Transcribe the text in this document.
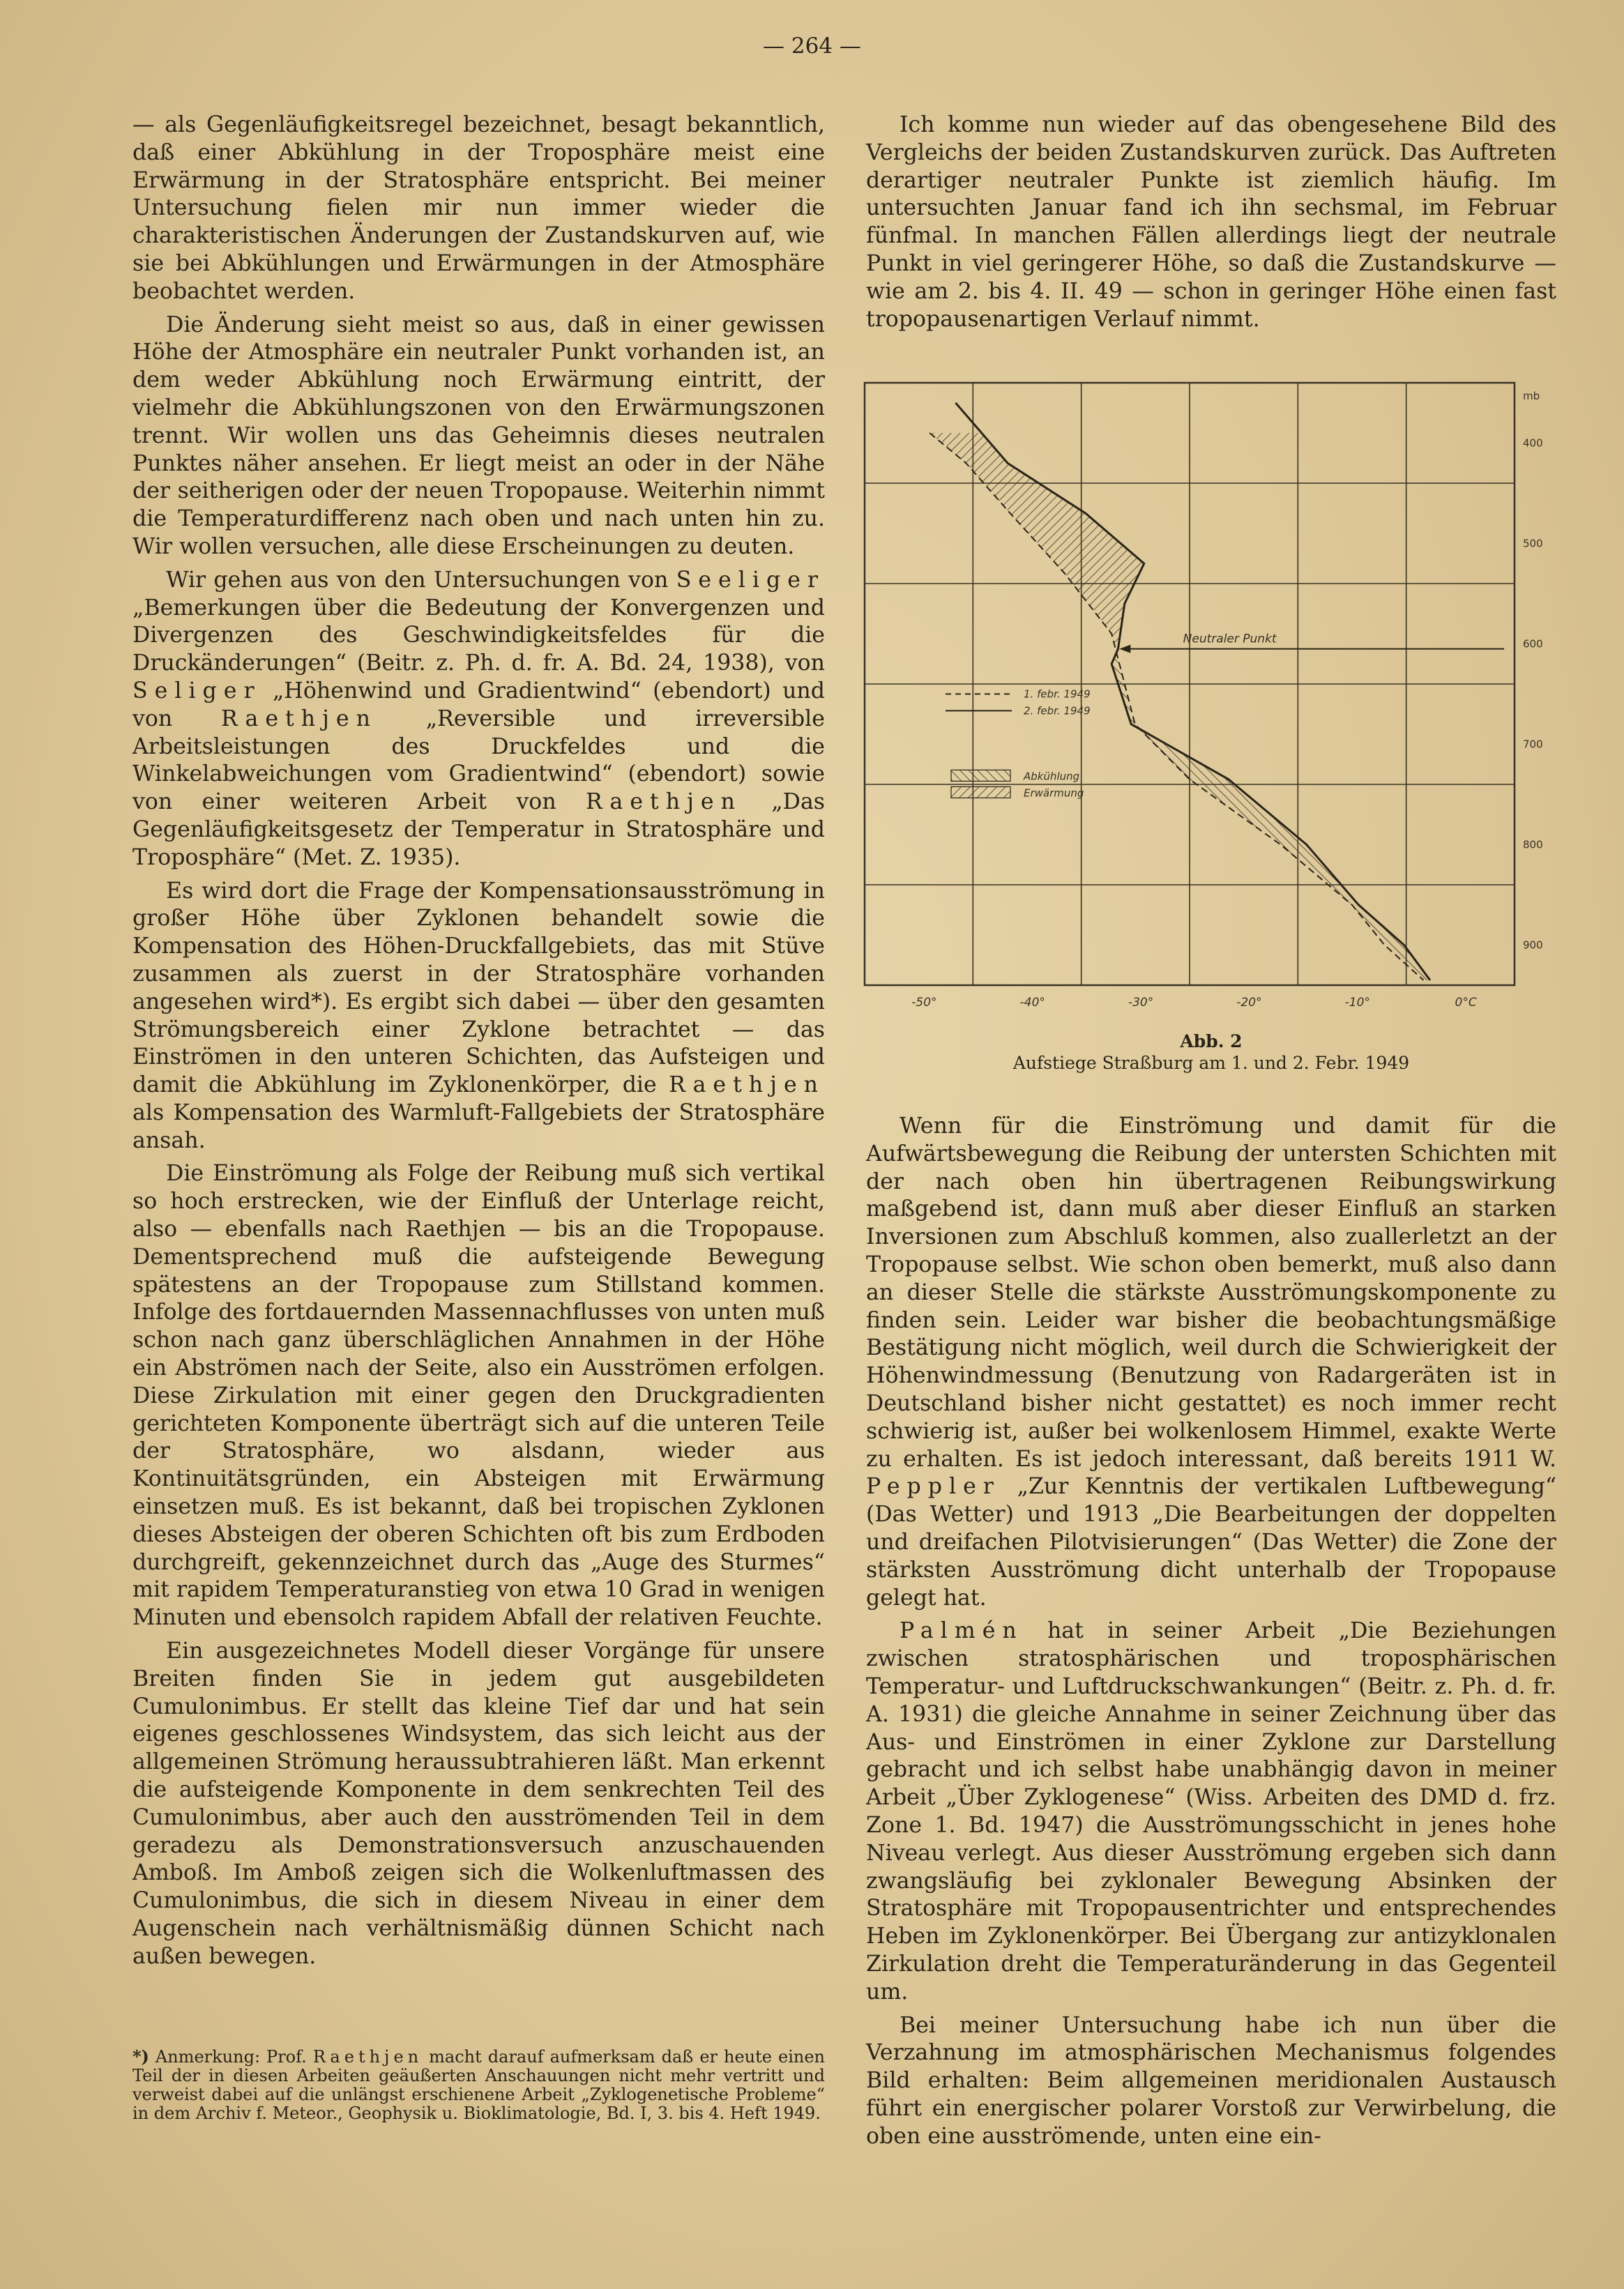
— 264 —

— als Gegenläufigkeitsregel bezeichnet, besagt bekanntlich, daß einer Abkühlung in der Troposphäre meist eine Erwärmung in der Stratosphäre entspricht. Bei meiner Untersuchung fielen mir nun immer wieder die charakteristischen Änderungen der Zustandskurven auf, wie sie bei Abkühlungen und Erwärmungen in der Atmosphäre beobachtet werden.

Die Änderung sieht meist so aus, daß in einer gewissen Höhe der Atmosphäre ein neutraler Punkt vorhanden ist, an dem weder Abkühlung noch Erwärmung eintritt, der vielmehr die Abkühlungszonen von den Erwärmungszonen trennt. Wir wollen uns das Geheimnis dieses neutralen Punktes näher ansehen. Er liegt meist an oder in der Nähe der seitherigen oder der neuen Tropopause. Weiterhin nimmt die Temperaturdifferenz nach oben und nach unten hin zu. Wir wollen versuchen, alle diese Erscheinungen zu deuten.

Wir gehen aus von den Untersuchungen von Seeliger „Bemerkungen über die Bedeutung der Konvergenzen und Divergenzen des Geschwindigkeitsfeldes für die Druckänderungen“ (Beitr. z. Ph. d. fr. A. Bd. 24, 1938), von Seliger „Höhenwind und Gradientwind“ (ebendort) und von Raethjen „Reversible und irreversible Arbeitsleistungen des Druckfeldes und die Winkelabweichungen vom Gradientwind“ (ebendort) sowie von einer weiteren Arbeit von Raethjen „Das Gegenläufigkeitsgesetz der Temperatur in Stratosphäre und Troposphäre“ (Met. Z. 1935).

Es wird dort die Frage der Kompensationsausströmung in großer Höhe über Zyklonen behandelt sowie die Kompensation des Höhen-Druckfallgebiets, das mit Stüve zusammen als zuerst in der Stratosphäre vorhanden angesehen wird*). Es ergibt sich dabei — über den gesamten Strömungsbereich einer Zyklone betrachtet — das Einströmen in den unteren Schichten, das Aufsteigen und damit die Abkühlung im Zyklonenkörper, die Raethjen als Kompensation des Warmluft-Fallgebiets der Stratosphäre ansah.

Die Einströmung als Folge der Reibung muß sich vertikal so hoch erstrecken, wie der Einfluß der Unterlage reicht, also — ebenfalls nach Raethjen — bis an die Tropopause. Dementsprechend muß die aufsteigende Bewegung spätestens an der Tropopause zum Stillstand kommen. Infolge des fortdauernden Massennachflusses von unten muß schon nach ganz überschläglichen Annahmen in der Höhe ein Abströmen nach der Seite, also ein Ausströmen erfolgen. Diese Zirkulation mit einer gegen den Druckgradienten gerichteten Komponente überträgt sich auf die unteren Teile der Stratosphäre, wo alsdann, wieder aus Kontinuitätsgründen, ein Absteigen mit Erwärmung einsetzen muß. Es ist bekannt, daß bei tropischen Zyklonen dieses Absteigen der oberen Schichten oft bis zum Erdboden durchgreift, gekennzeichnet durch das „Auge des Sturmes“ mit rapidem Temperaturanstieg von etwa 10 Grad in wenigen Minuten und ebensolch rapidem Abfall der relativen Feuchte.

Ein ausgezeichnetes Modell dieser Vorgänge für unsere Breiten finden Sie in jedem gut ausgebildeten Cumulonimbus. Er stellt das kleine Tief dar und hat sein eigenes geschlossenes Windsystem, das sich leicht aus der allgemeinen Strömung heraussubtrahieren läßt. Man erkennt die aufsteigende Komponente in dem senkrechten Teil des Cumulonimbus, aber auch den ausströmenden Teil in dem geradezu als Demonstrationsversuch anzuschauenden Amboß. Im Amboß zeigen sich die Wolkenluftmassen des Cumulonimbus, die sich in diesem Niveau in einer dem Augenschein nach verhältnismäßig dünnen Schicht nach außen bewegen.

*) Anmerkung: Prof. Raethjen macht darauf aufmerksam daß er heute einen Teil der in diesen Arbeiten geäußerten Anschauungen nicht mehr vertritt und verweist dabei auf die unlängst erschienene Arbeit „Zyklogenetische Probleme“ in dem Archiv f. Meteor., Geophysik u. Bioklimatologie, Bd. I, 3. bis 4. Heft 1949.

Ich komme nun wieder auf das obengesehene Bild des Vergleichs der beiden Zustandskurven zurück. Das Auftreten derartiger neutraler Punkte ist ziemlich häufig. Im untersuchten Januar fand ich ihn sechsmal, im Februar fünfmal. In manchen Fällen allerdings liegt der neutrale Punkt in viel geringerer Höhe, so daß die Zustandskurve — wie am 2. bis 4. II. 49 — schon in geringer Höhe einen fast tropopausenartigen Verlauf nimmt.

400
500
600
700
800
900
mb
-50°	-40°	-30°	-20°	-10°	0°C
Neutraler Punkt
1. febr. 1949
2. febr. 1949
Abkühlung
Erwärmung
Abb. 2
Aufstiege Straßburg am 1. und 2. Febr. 1949

Wenn für die Einströmung und damit für die Aufwärtsbewegung die Reibung der untersten Schichten mit der nach oben hin übertragenen Reibungswirkung maßgebend ist, dann muß aber dieser Einfluß an starken Inversionen zum Abschluß kommen, also zuallerletzt an der Tropopause selbst. Wie schon oben bemerkt, muß also dann an dieser Stelle die stärkste Ausströmungskomponente zu finden sein. Leider war bisher die beobachtungsmäßige Bestätigung nicht möglich, weil durch die Schwierigkeit der Höhenwindmessung (Benutzung von Radargeräten ist in Deutschland bisher nicht gestattet) es noch immer recht schwierig ist, außer bei wolkenlosem Himmel, exakte Werte zu erhalten. Es ist jedoch interessant, daß bereits 1911 W. Peppler „Zur Kenntnis der vertikalen Luftbewegung“ (Das Wetter) und 1913 „Die Bearbeitungen der doppelten und dreifachen Pilotvisierungen“ (Das Wetter) die Zone der stärksten Ausströmung dicht unterhalb der Tropopause gelegt hat.

Palmén hat in seiner Arbeit „Die Beziehungen zwischen stratosphärischen und troposphärischen Temperatur- und Luftdruckschwankungen“ (Beitr. z. Ph. d. fr. A. 1931) die gleiche Annahme in seiner Zeichnung über das Aus- und Einströmen in einer Zyklone zur Darstellung gebracht und ich selbst habe unabhängig davon in meiner Arbeit „Über Zyklogenese“ (Wiss. Arbeiten des DMD d. frz. Zone 1. Bd. 1947) die Ausströmungsschicht in jenes hohe Niveau verlegt. Aus dieser Ausströmung ergeben sich dann zwangsläufig bei zyklonaler Bewegung Absinken der Stratosphäre mit Tropopausentrichter und entsprechendes Heben im Zyklonenkörper. Bei Übergang zur antizyklonalen Zirkulation dreht die Temperaturänderung in das Gegenteil um.

Bei meiner Untersuchung habe ich nun über die Verzahnung im atmosphärischen Mechanismus folgendes Bild erhalten: Beim allgemeinen meridionalen Austausch führt ein energischer polarer Vorstoß zur Verwirbelung, die oben eine ausströmende, unten eine ein-
